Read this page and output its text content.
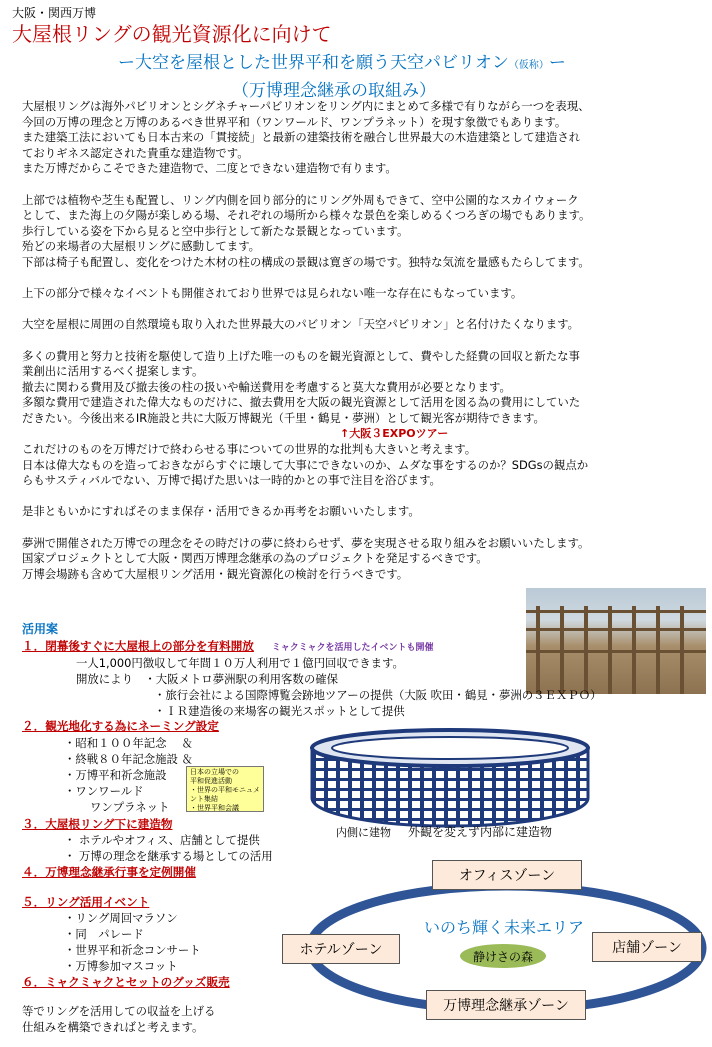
大阪・関西万博
大屋根リングの観光資源化に向けて
ー大空を屋根とした世界平和を願う天空パビリオン（仮称）ー
（万博理念継承の取組み）

大屋根リングは海外パビリオンとシグネチャーパビリオンをリング内にまとめて多様で有りながら一つを表現、

今回の万博の理念と万博のあるべき世界平和（ワンワールド、ワンプラネット）を現す象徴でもあります。

また建築工法においても日本古来の「貫接続」と最新の建築技術を融合し世界最大の木造建築として建造され

ておりギネス認定された貴重な建造物です。

また万博だからこそできた建造物で、二度とできない建造物で有ります。

上部では植物や芝生も配置し、リング内側を回り部分的にリング外周もできて、空中公園的なスカイウォーク

として、また海上の夕陽が楽しめる場、それぞれの場所から様々な景色を楽しめるくつろぎの場でもあります。

歩行している姿を下から見ると空中歩行として新たな景観となっています。

殆どの来場者の大屋根リングに感動してます。

下部は椅子も配置し、変化をつけた木材の柱の構成の景観は寛ぎの場です。独特な気流を量感もたらしてます。

上下の部分で様々なイベントも開催されており世界では見られない唯一な存在にもなっています。

大空を屋根に周囲の自然環境も取り入れた世界最大のパビリオン「天空パビリオン」と名付けたくなります。

多くの費用と努力と技術を駆使して造り上げた唯一のものを観光資源として、費やした経費の回収と新たな事

業創出に活用するべく提案します。

撤去に関わる費用及び撤去後の柱の扱いや輸送費用を考慮すると莫大な費用が必要となります。

多額な費用で建造された偉大なものだけに、撤去費用を大阪の観光資源として活用を図る為の費用にしていた

だきたい。今後出来るIR施設と共に大阪万博観光（千里・鶴見・夢洲）として観光客が期待できます。

↑大阪３EXPOツアー

これだけのものを万博だけで終わらせる事についての世界的な批判も大きいと考えます。

日本は偉大なものを造っておきながらすぐに壊して大事にできないのか、ムダな事をするのか？SDGsの観点か

らもサスティバルでない、万博で掲げた思いは一時的かとの事で注目を浴びます。

是非ともいかにすればそのまま保存・活用できるか再考をお願いいたします。

夢洲で開催された万博での理念をその時だけの夢に終わらせず、夢を実現させる取り組みをお願いいたします。

国家プロジェクトとして大阪・関西万博理念継承の為のプロジェクトを発足するべきです。

万博会場跡も含めて大屋根リング活用・観光資源化の検討を行うべきです。

活用案
１．閉幕後すぐに大屋根上の部分を有料開放 ミャクミャクを活用したイベントも開催
一人1,000円徴収して年間１０万人利用で１億円回収できます。
開放により　・大阪メトロ夢洲駅の利用客数の確保
・旅行会社による国際博覧会跡地ツアーの提供（大阪 吹田・鶴見・夢洲の３ＥＸＰＯ）
・ＩＲ建造後の来場客の観光スポットとして提供
２．観光地化する為にネーミング設定
・昭和１００年記念　 ＆
・終戦８０年記念施設 ＆
・万博平和祈念施設
・ワンワールド
ワンプラネット
日本の立場での
平和促進活動
・世界の平和モニュメント集結
・世界平和会議
３．大屋根リング下に建造物
・ ホテルやオフィス、店舗として提供
・ 万博の理念を継承する場としての活用
４．万博理念継承行事を定例開催
５．リング活用イベント
・リング周回マラソン
・同　パレード
・世界平和祈念コンサート
・万博参加マスコット
６．ミャクミャクとセットのグッズ販売

等でリングを活用しての収益を上げる

仕組みを構築できればと考えます。

内側に建物 外観を変えず内部に建造物
オフィスゾーン
ホテルゾーン	店舗ゾーン
万博理念継承ゾーン
いのち輝く未来エリア
静けさの森
